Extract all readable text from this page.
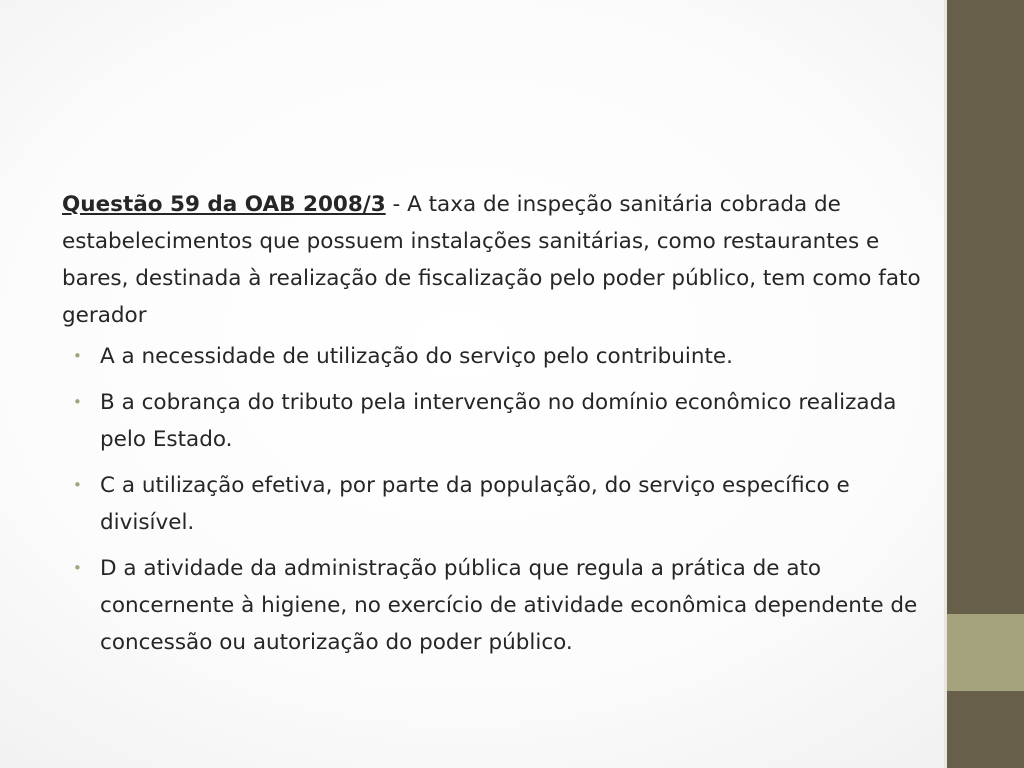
Questão 59 da OAB 2008/3 - A taxa de inspeção sanitária cobrada de estabelecimentos que possuem instalações sanitárias, como restaurantes e bares, destinada à realização de fiscalização pelo poder público, tem como fato gerador

• A a necessidade de utilização do serviço pelo contribuinte.
• B a cobrança do tributo pela intervenção no domínio econômico realizada pelo Estado.
• C a utilização efetiva, por parte da população, do serviço específico e divisível.
• D a atividade da administração pública que regula a prática de ato concernente à higiene, no exercício de atividade econômica dependente de concessão ou autorização do poder público.
